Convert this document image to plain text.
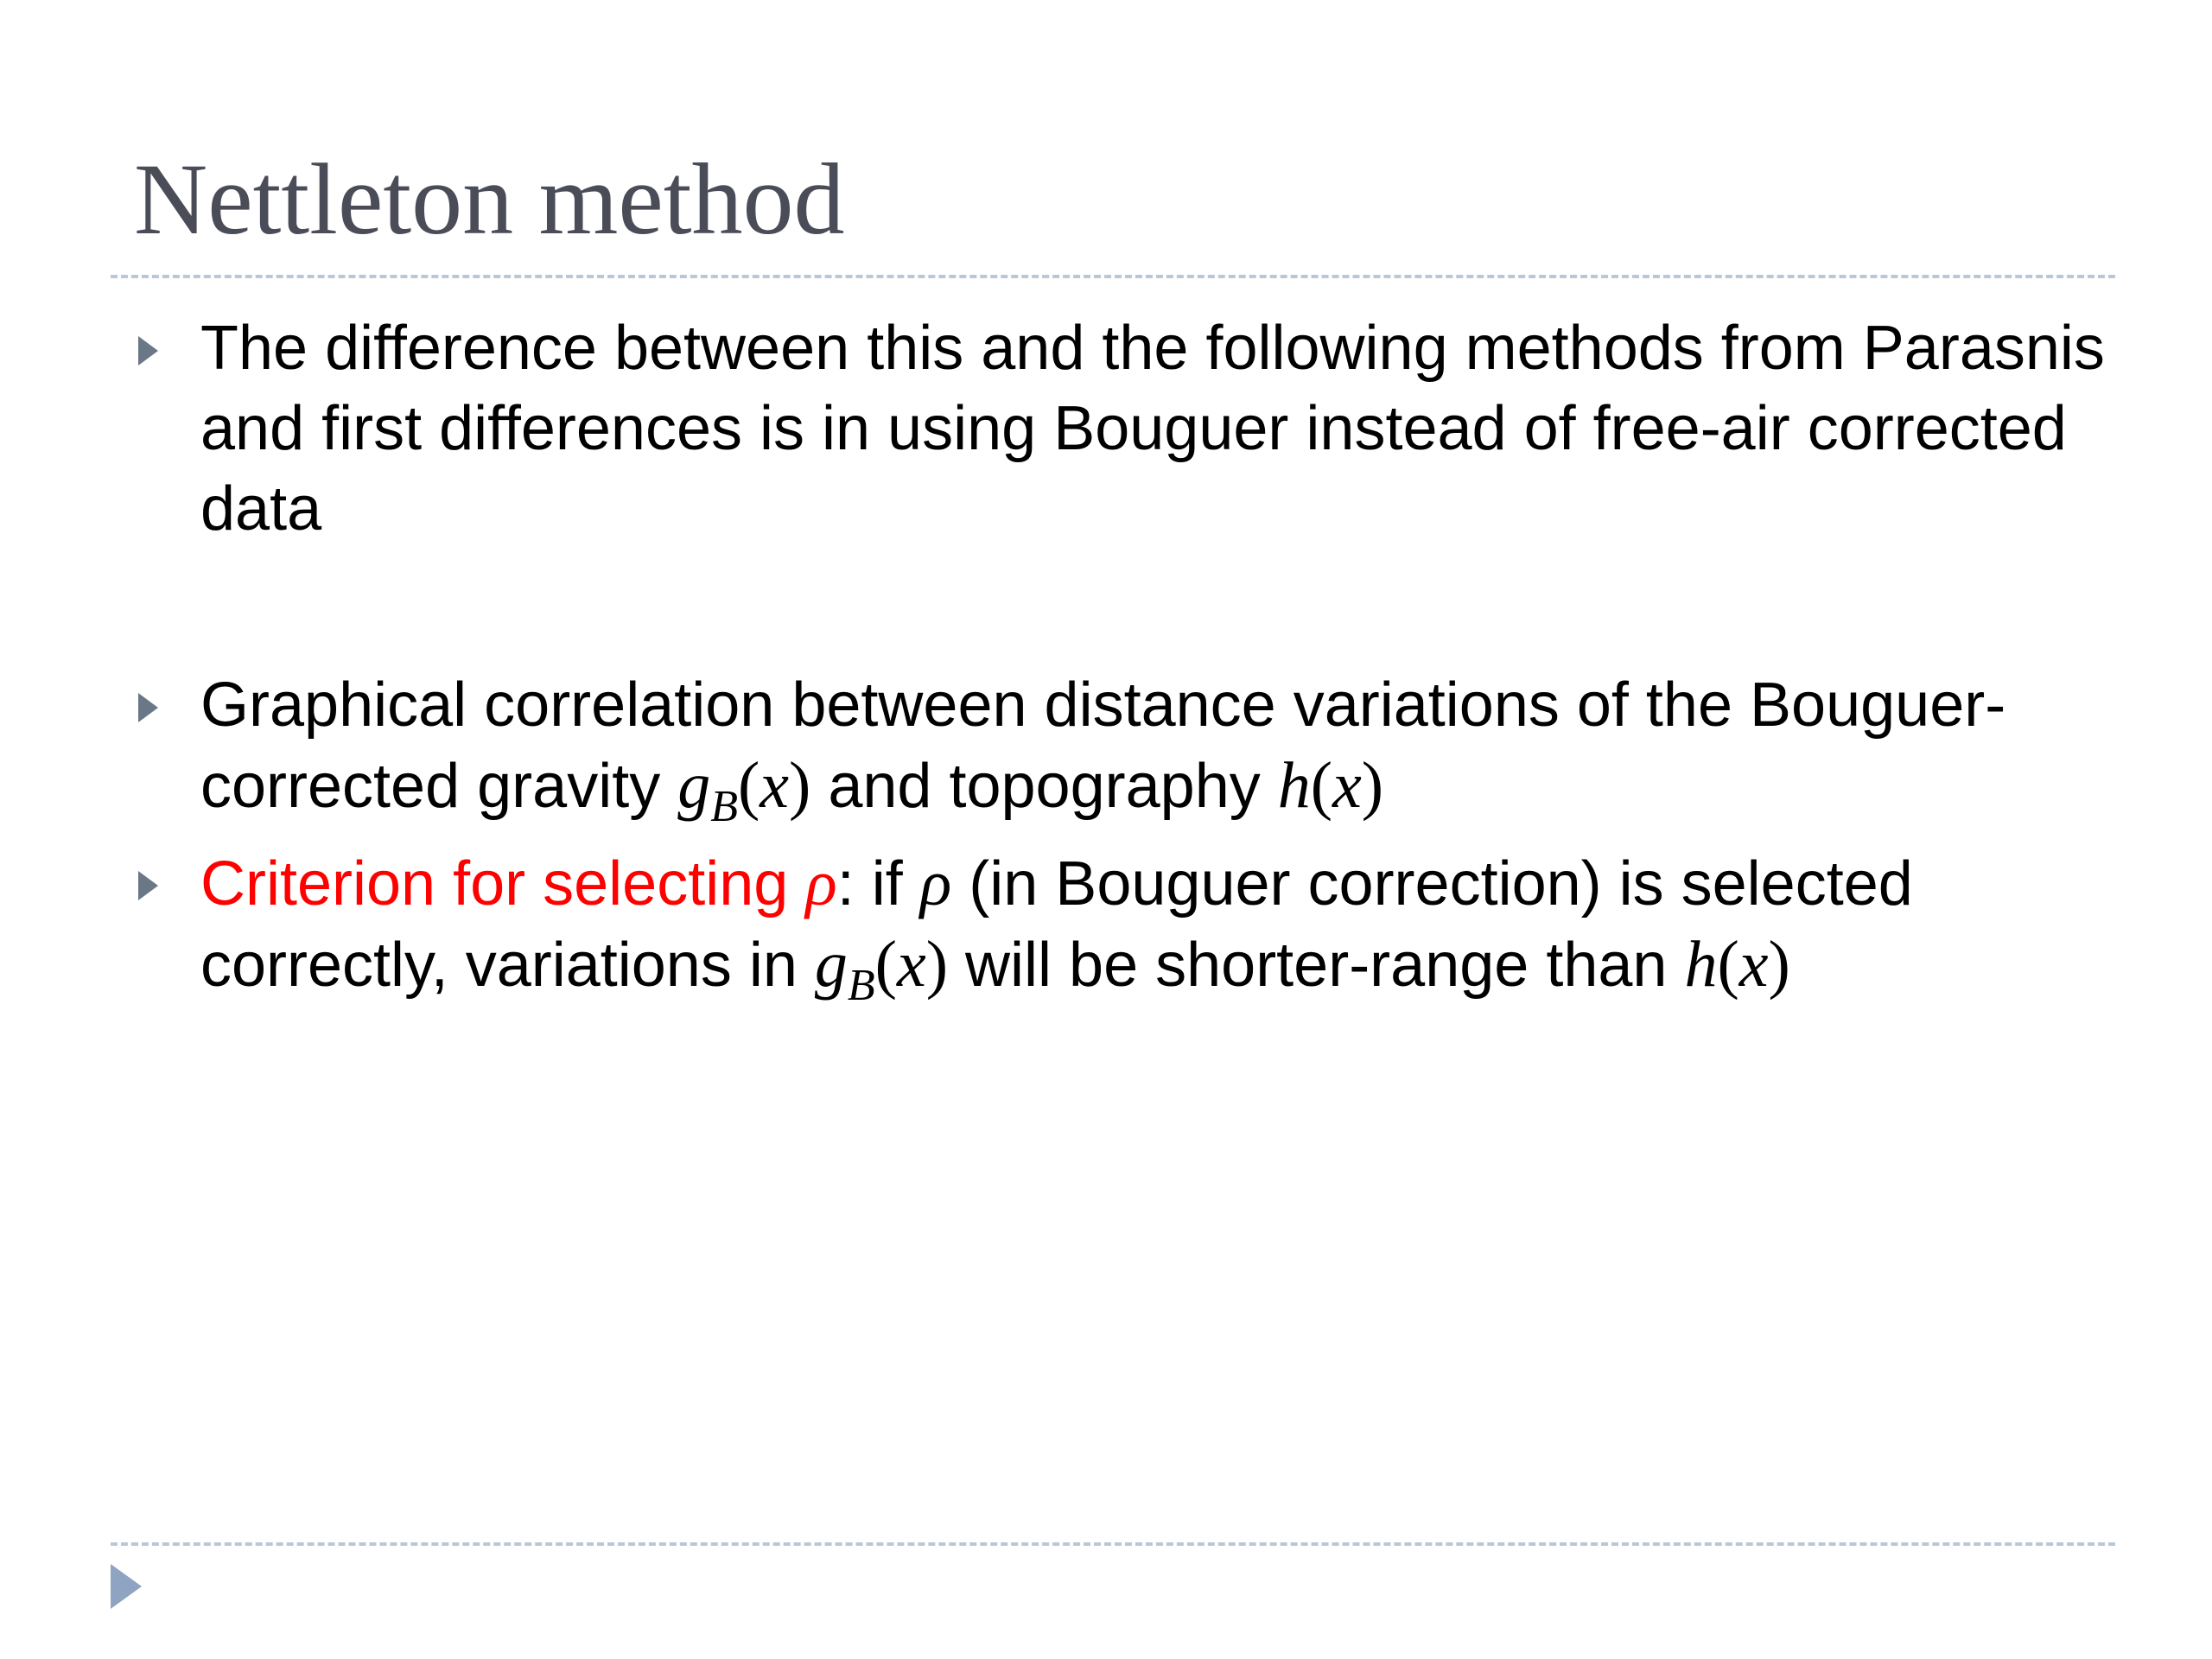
Nettleton method
The difference between this and the following methods from Parasnis and first differences is in using Bouguer instead of free-air corrected data
Graphical correlation between distance variations of the Bouguer-corrected gravity $g_B(x)$ and topography h(x)
Criterion for selecting ρ: if ρ (in Bouguer correction) is selected correctly, variations in $g_B(x)$ will be shorter-range than h(x)
